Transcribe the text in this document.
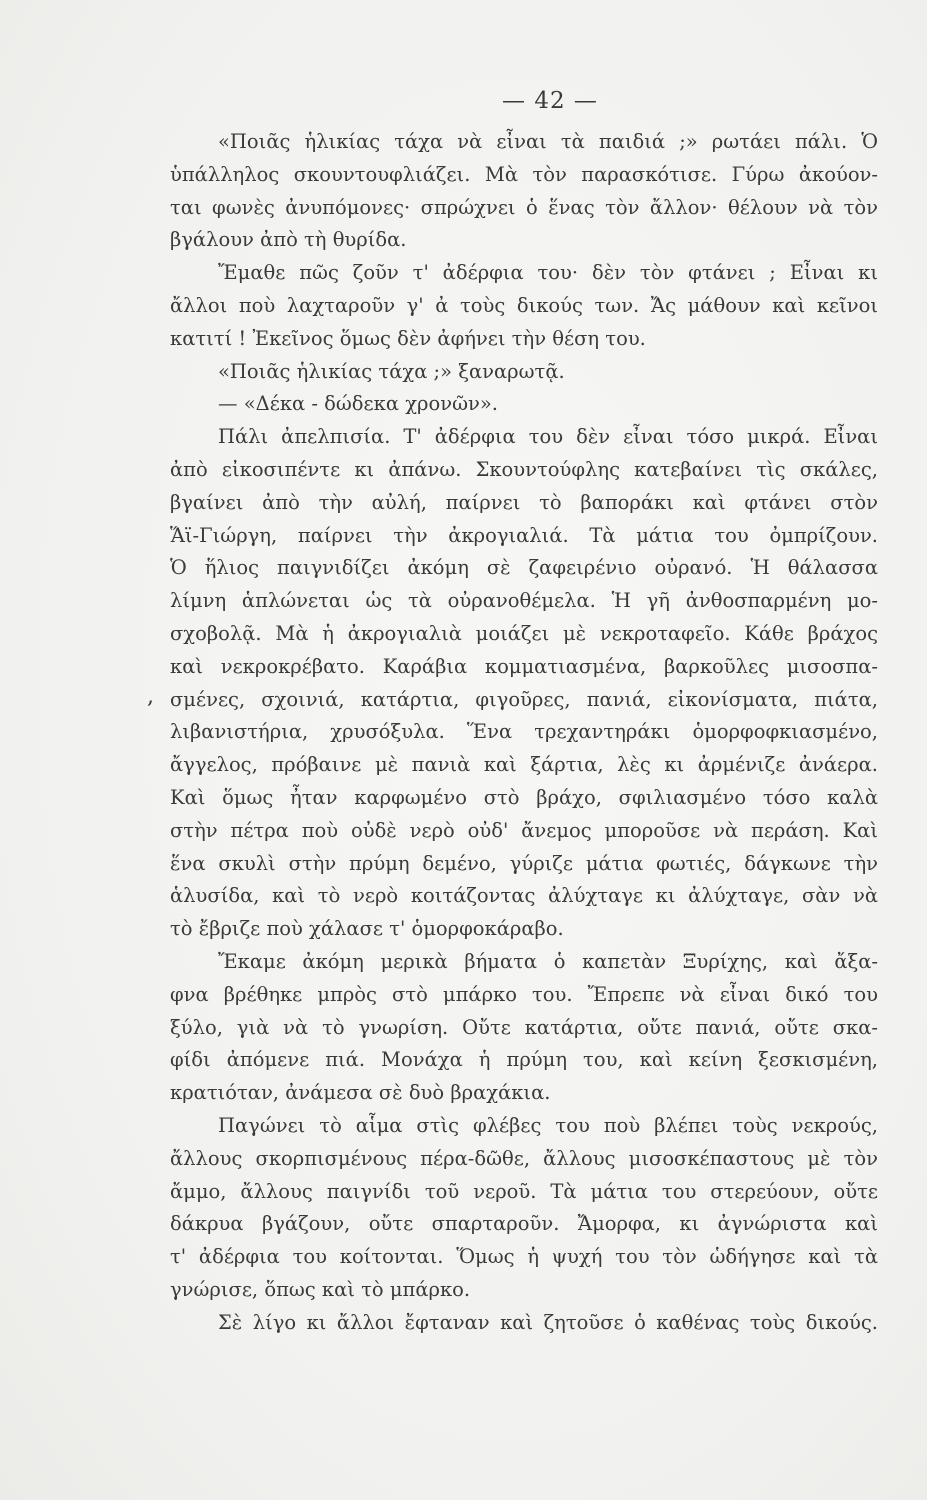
— 42 —
,
«Ποιᾶς ἡλικίας τάχα νὰ εἶναι τὰ παιδιά ;» ρωτάει πάλι. Ὁ
ὑπάλληλος σκουντουφλιάζει. Μὰ τὸν παρασκότισε. Γύρω ἀκούον-
ται φωνὲς ἀνυπόμονες· σπρώχνει ὁ ἕνας τὸν ἄλλον· θέλουν νὰ τὸν
βγάλουν ἀπὸ τὴ θυρίδα.
Ἔμαθε πῶς ζοῦν τ' ἀδέρφια του· δὲν τὸν φτάνει ; Εἶναι κι
ἄλλοι ποὺ λαχταροῦν γ' ἀ τοὺς δικούς των. Ἄς μάθουν καὶ κεῖνοι
κατιτί ! Ἐκεῖνος ὅμως δὲν ἀφήνει τὴν θέση του.
«Ποιᾶς ἡλικίας τάχα ;» ξαναρωτᾷ.
— «Δέκα - δώδεκα χρονῶν».
Πάλι ἀπελπισία. Τ' ἀδέρφια του δὲν εἶναι τόσο μικρά. Εἶναι
ἀπὸ εἰκοσιπέντε κι ἀπάνω. Σκουντούφλης κατεβαίνει τὶς σκάλες,
βγαίνει ἀπὸ τὴν αὐλή, παίρνει τὸ βαποράκι καὶ φτάνει στὸν
Ἅϊ-Γιώργη, παίρνει τὴν ἀκρογιαλιά. Τὰ μάτια του ὀμπρίζουν.
Ὁ ἥλιος παιγνιδίζει ἀκόμη σὲ ζαφειρένιο οὐρανό. Ἡ θάλασσα
λίμνη ἁπλώνεται ὡς τὰ οὐρανοθέμελα. Ἡ γῆ ἀνθοσπαρμένη μο-
σχοβολᾷ. Μὰ ἡ ἀκρογιαλιὰ μοιάζει μὲ νεκροταφεῖο. Κάθε βράχος
καὶ νεκροκρέβατο. Καράβια κομματιασμένα, βαρκοῦλες μισοσπα-
σμένες, σχοινιά, κατάρτια, φιγοῦρες, πανιά, εἰκονίσματα, πιάτα,
λιβανιστήρια, χρυσόξυλα. Ἕνα τρεχαντηράκι ὁμορφοφκιασμένο,
ἄγγελος, πρόβαινε μὲ πανιὰ καὶ ξάρτια, λὲς κι ἀρμένιζε ἀνάερα.
Καὶ ὅμως ἦταν καρφωμένο στὸ βράχο, σφιλιασμένο τόσο καλὰ
στὴν πέτρα ποὺ οὐδὲ νερὸ οὐδ' ἄνεμος μποροῦσε νὰ περάση. Καὶ
ἕνα σκυλὶ στὴν πρύμη δεμένο, γύριζε μάτια φωτιές, δάγκωνε τὴν
ἁλυσίδα, καὶ τὸ νερὸ κοιτάζοντας ἀλύχταγε κι ἀλύχταγε, σὰν νὰ
τὸ ἔβριζε ποὺ χάλασε τ' ὁμορφοκάραβο.
Ἔκαμε ἀκόμη μερικὰ βήματα ὁ καπετὰν Ξυρίχης, καὶ ἄξα-
φνα βρέθηκε μπρὸς στὸ μπάρκο του. Ἔπρεπε νὰ εἶναι δικό του
ξύλο, γιὰ νὰ τὸ γνωρίση. Οὔτε κατάρτια, οὔτε πανιά, οὔτε σκα-
φίδι ἀπόμενε πιά. Μονάχα ἡ πρύμη του, καὶ κείνη ξεσκισμένη,
κρατιόταν, ἀνάμεσα σὲ δυὸ βραχάκια.
Παγώνει τὸ αἷμα στὶς φλέβες του ποὺ βλέπει τοὺς νεκρούς,
ἄλλους σκορπισμένους πέρα-δῶθε, ἄλλους μισοσκέπαστους μὲ τὸν
ἄμμο, ἄλλους παιγνίδι τοῦ νεροῦ. Τὰ μάτια του στερεύουν, οὔτε
δάκρυα βγάζουν, οὔτε σπαρταροῦν. Ἄμορφα, κι ἀγνώριστα καὶ
τ' ἀδέρφια του κοίτονται. Ὅμως ἡ ψυχή του τὸν ὡδήγησε καὶ τὰ
γνώρισε, ὅπως καὶ τὸ μπάρκο.
Σὲ λίγο κι ἄλλοι ἔφταναν καὶ ζητοῦσε ὁ καθένας τοὺς δικούς.
